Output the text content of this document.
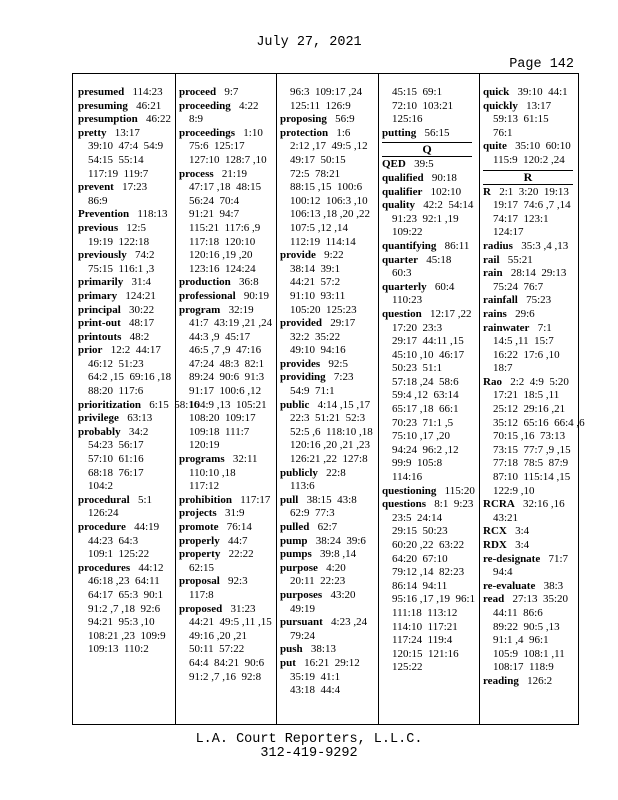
July 27, 2021
Page 142
presumed 114:23
presuming 46:21
presumption 46:22
pretty 13:17
39:10  47:4  54:9
54:15  55:14
117:19  119:7
prevent 17:23
86:9
Prevention 118:13
previous 12:5
19:19  122:18
previously 74:2
75:15  116:1 ,3
primarily 31:4
primary 124:21
principal 30:22
print-out 48:17
printouts 48:2
prior 12:2  44:17
46:12  51:23
64:2 ,15  69:16 ,18
88:20  117:6
prioritization 6:15  58:16
privilege 63:13
probably 34:2
54:23  56:17
57:10  61:16
68:18  76:17
104:2
procedural 5:1
126:24
procedure 44:19
44:23  64:3
109:1  125:22
procedures 44:12
46:18 ,23  64:11
64:17  65:3  90:1
91:2 ,7 ,18  92:6
94:21  95:3 ,10
108:21 ,23  109:9
109:13  110:2
proceed 9:7
proceeding 4:22
8:9
proceedings 1:10
75:6  125:17
127:10  128:7 ,10
process 21:19
47:17 ,18  48:15
56:24  70:4
91:21  94:7
115:21  117:6 ,9
117:18  120:10
120:16 ,19 ,20
123:16  124:24
production 36:8
professional 90:19
program 32:19
41:7  43:19 ,21 ,24
44:3 ,9  45:17
46:5 ,7 ,9  47:16
47:24  48:3  82:1
89:24  90:6  91:3
91:17  100:6 ,12
104:9 ,13  105:21
108:20  109:17
109:18  111:7
120:19
programs 32:11
110:10 ,18
117:12
prohibition 117:17
projects 31:9
promote 76:14
properly 44:7
property 22:22
62:15
proposal 92:3
117:8
proposed 31:23
44:21  49:5 ,11 ,15
49:16 ,20 ,21
50:11  57:22
64:4  84:21  90:6
91:2 ,7 ,16  92:8
96:3  109:17 ,24
125:11  126:9
proposing 56:9
protection 1:6
2:12 ,17  49:5 ,12
49:17  50:15
72:5  78:21
88:15 ,15  100:6
100:12  106:3 ,10
106:13 ,18 ,20 ,22
107:5 ,12 ,14
112:19  114:14
provide 9:22
38:14  39:1
44:21  57:2
91:10  93:11
105:20  125:23
provided 29:17
32:2  35:22
49:10  94:16
provides 92:5
providing 7:23
54:9  71:1
public 4:14 ,15 ,17
22:3  51:21  52:3
52:5 ,6  118:10 ,18
120:16 ,20 ,21 ,23
126:21 ,22  127:8
publicly 22:8
113:6
pull 38:15  43:8
62:9  77:3
pulled 62:7
pump 38:24  39:6
pumps 39:8 ,14
purpose 4:20
20:11  22:23
purposes 43:20
49:19
pursuant 4:23 ,24
79:24
push 38:13
put 16:21  29:12
35:19  41:1
43:18  44:4
45:15  69:1
72:10  103:21
125:16
putting 56:15
Q
QED 39:5
qualified 90:18
qualifier 102:10
quality 42:2  54:14
91:23  92:1 ,19
109:22
quantifying 86:11
quarter 45:18
60:3
quarterly 60:4
110:23
question 12:17 ,22
17:20  23:3
29:17  44:11 ,15
45:10 ,10  46:17
50:23  51:1
57:18 ,24  58:6
59:4 ,12  63:14
65:17 ,18  66:1
70:23  71:1 ,5
75:10 ,17 ,20
94:24  96:2 ,12
99:9  105:8
114:16
questioning 115:20
questions 8:1  9:23
23:5  24:14
29:15  50:23
60:20 ,22  63:22
64:20  67:10
79:12 ,14  82:23
86:14  94:11
95:16 ,17 ,19  96:1
111:18  113:12
114:10  117:21
117:24  119:4
120:15  121:16
125:22
quick 39:10  44:1
quickly 13:17
59:13  61:15
76:1
quite 35:10  60:10
115:9  120:2 ,24
R
R 2:1  3:20  19:13
19:17  74:6 ,7 ,14
74:17  123:1
124:17
radius 35:3 ,4 ,13
rail 55:21
rain 28:14  29:13
75:24  76:7
rainfall 75:23
rains 29:6
rainwater 7:1
14:5 ,11  15:7
16:22  17:6 ,10
18:7
Rao 2:2  4:9  5:20
17:21  18:5 ,11
25:12  29:16 ,21
35:12  65:16  66:4 ,6
70:15 ,16  73:13
73:15  77:7 ,9 ,15
77:18  78:5  87:9
87:10  115:14 ,15
122:9 ,10
RCRA 32:16 ,16
43:21
RCX 3:4
RDX 3:4
re-designate 71:7
94:4
re-evaluate 38:3
read 27:13  35:20
44:11  86:6
89:22  90:5 ,13
91:1 ,4  96:1
105:9  108:1 ,11
108:17  118:9
reading 126:2
L.A. Court Reporters, L.L.C.
312-419-9292
